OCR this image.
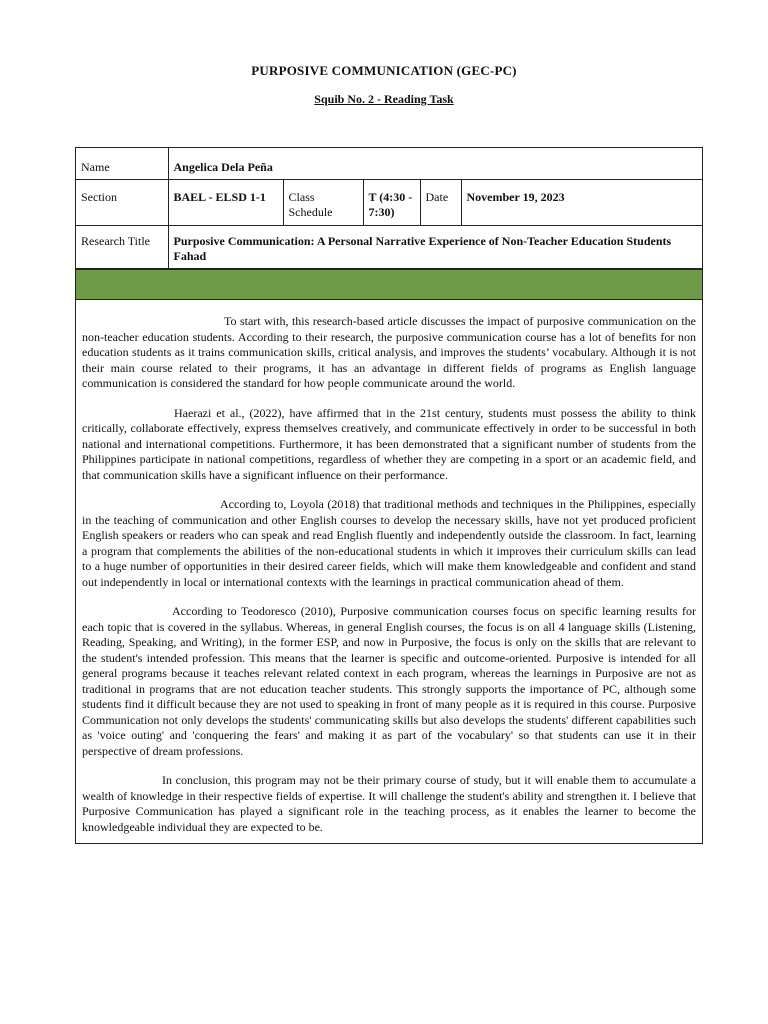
PURPOSIVE COMMUNICATION (GEC-PC)
Squib No. 2 - Reading Task
Name	Angelica Dela Peña				
Section	BAEL - ELSD 1-1	Class Schedule	T (4:30 - 7:30)	Date	November 19, 2023
Research Title	Purposive Communication: A Personal Narrative Experience of Non-Teacher Education Students Fahad				

To start with, this research-based article discusses the impact of purposive communication on the non-teacher education students. According to their research, the purposive communication course has a lot of benefits for non education students as it trains communication skills, critical analysis, and improves the students’ vocabulary. Although it is not their main course related to their programs, it has an advantage in different fields of programs as English language communication is considered the standard for how people communicate around the world.

Haerazi et al., (2022), have affirmed that in the 21st century, students must possess the ability to think critically, collaborate effectively, express themselves creatively, and communicate effectively in order to be successful in both national and international competitions. Furthermore, it has been demonstrated that a significant number of students from the Philippines participate in national competitions, regardless of whether they are competing in a sport or an academic field, and that communication skills have a significant influence on their performance.

According to, Loyola (2018) that traditional methods and techniques in the Philippines, especially in the teaching of communication and other English courses to develop the necessary skills, have not yet produced proficient English speakers or readers who can speak and read English fluently and independently outside the classroom. In fact, learning a program that complements the abilities of the non-educational students in which it improves their curriculum skills can lead to a huge number of opportunities in their desired career fields, which will make them knowledgeable and confident and stand out independently in local or international contexts with the learnings in practical communication ahead of them.

According to Teodoresco (2010), Purposive communication courses focus on specific learning results for each topic that is covered in the syllabus. Whereas, in general English courses, the focus is on all 4 language skills (Listening, Reading, Speaking, and Writing), in the former ESP, and now in Purposive, the focus is only on the skills that are relevant to the student's intended profession. This means that the learner is specific and outcome-oriented. Purposive is intended for all general programs because it teaches relevant related context in each program, whereas the learnings in Purposive are not as traditional in programs that are not education teacher students. This strongly supports the importance of PC, although some students find it difficult because they are not used to speaking in front of many people as it is required in this course. Purposive Communication not only develops the students' communicating skills but also develops the students' different capabilities such as 'voice outing' and 'conquering the fears' and making it as part of the vocabulary' so that students can use it in their perspective of dream professions.

In conclusion, this program may not be their primary course of study, but it will enable them to accumulate a wealth of knowledge in their respective fields of expertise. It will challenge the student's ability and strengthen it. I believe that Purposive Communication has played a significant role in the teaching process, as it enables the learner to become the knowledgeable individual they are expected to be.
